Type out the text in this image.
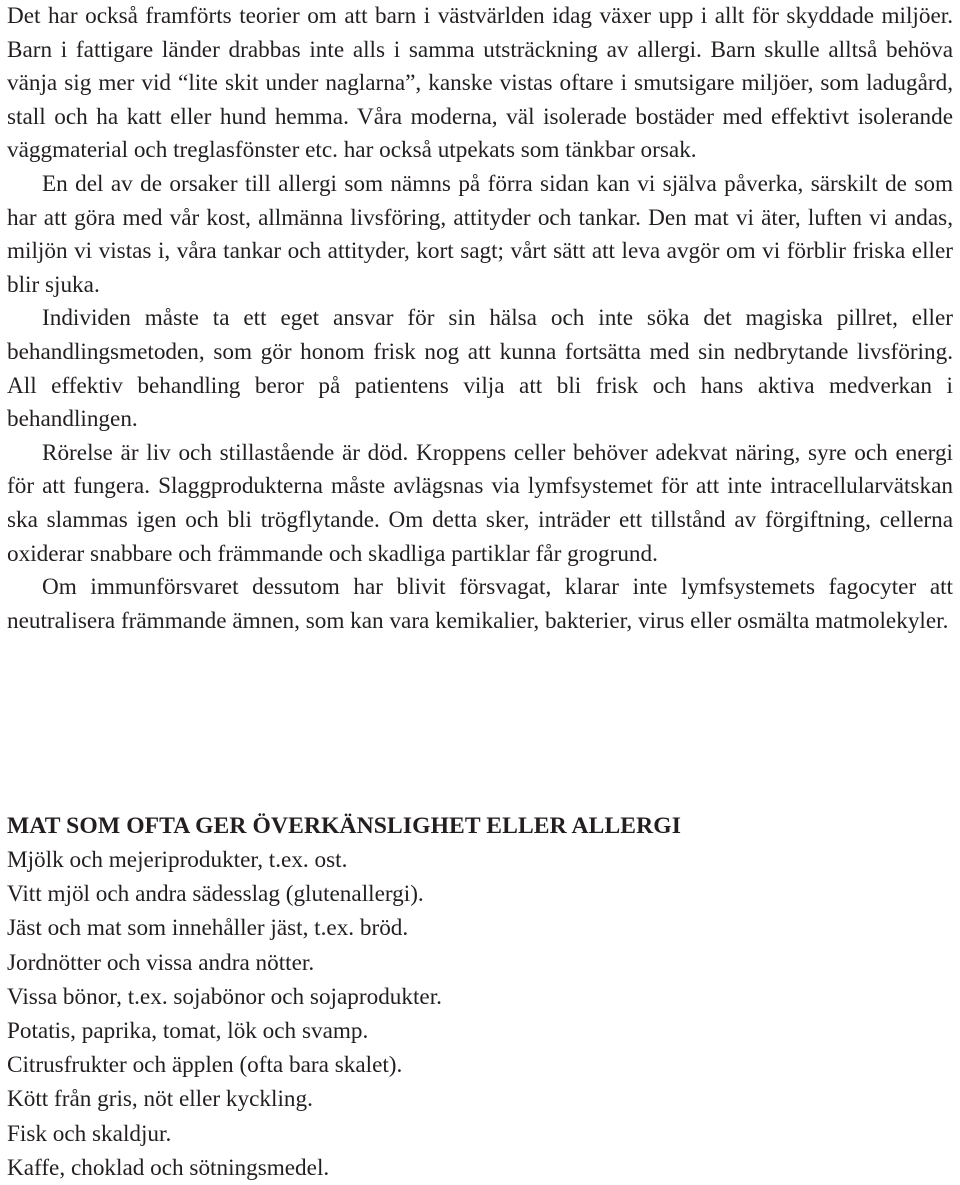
Det har också framförts teorier om att barn i västvärlden idag växer upp i allt för skyddade miljöer. Barn i fattigare länder drabbas inte alls i samma utsträckning av allergi. Barn skulle alltså behöva vänja sig mer vid “lite skit under naglarna”, kanske vistas oftare i smutsigare miljöer, som ladugård, stall och ha katt eller hund hemma. Våra moderna, väl isolerade bostäder med effektivt isolerande väggmaterial och treglasfönster etc. har också utpekats som tänkbar orsak.

En del av de orsaker till allergi som nämns på förra sidan kan vi själva påverka, särskilt de som har att göra med vår kost, allmänna livsföring, attityder och tankar. Den mat vi äter, luften vi andas, miljön vi vistas i, våra tankar och attityder, kort sagt; vårt sätt att leva avgör om vi förblir friska eller blir sjuka.

Individen måste ta ett eget ansvar för sin hälsa och inte söka det magiska pillret, eller behandlingsmetoden, som gör honom frisk nog att kunna fortsätta med sin nedbrytande livsföring. All effektiv behandling beror på patientens vilja att bli frisk och hans aktiva medverkan i behandlingen.

Rörelse är liv och stillastående är död. Kroppens celler behöver adekvat näring, syre och energi för att fungera. Slaggprodukterna måste avlägsnas via lymfsystemet för att inte intracellularvätskan ska slammas igen och bli trögflytande. Om detta sker, inträder ett tillstånd av förgiftning, cellerna oxiderar snabbare och främmande och skadliga partiklar får grogrund.

Om immunförsvaret dessutom har blivit försvagat, klarar inte lymfsystemets fagocyter att neutralisera främmande ämnen, som kan vara kemikalier, bakterier, virus eller osmälta matmolekyler.

MAT SOM OFTA GER ÖVERKÄNSLIGHET ELLER ALLERGI
Mjölk och mejeriprodukter, t.ex. ost.
Vitt mjöl och andra sädesslag (glutenallergi).
Jäst och mat som innehåller jäst, t.ex. bröd.
Jordnötter och vissa andra nötter.
Vissa bönor, t.ex. sojabönor och sojaprodukter.
Potatis, paprika, tomat, lök och svamp.
Citrusfrukter och äpplen (ofta bara skalet).
Kött från gris, nöt eller kyckling.
Fisk och skaldjur.
Kaffe, choklad och sötningsmedel.
